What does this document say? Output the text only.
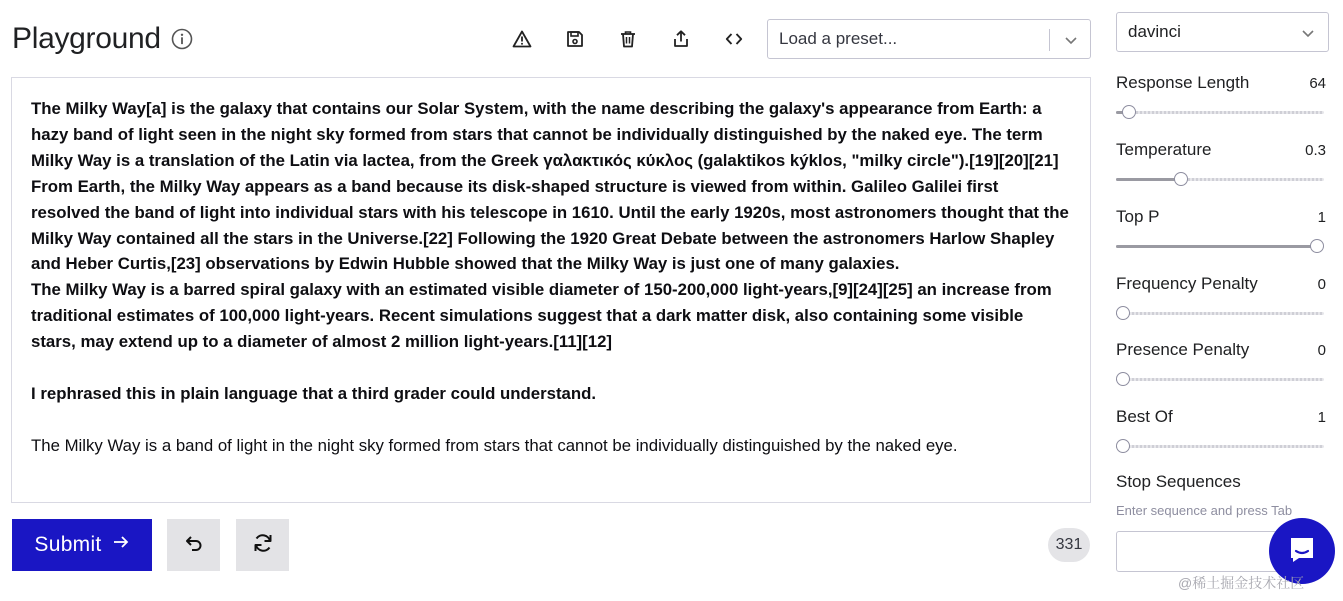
Playground	Load a preset...

The Milky Way[a] is the galaxy that contains our Solar System, with the name describing the galaxy's appearance from Earth: a hazy band of light seen in the night sky formed from stars that cannot be individually distinguished by the naked eye. The term Milky Way is a translation of the Latin via lactea, from the Greek γαλακτικός κύκλος (galaktikos kýklos, "milky circle").[19][20][21] From Earth, the Milky Way appears as a band because its disk-shaped structure is viewed from within. Galileo Galilei first resolved the band of light into individual stars with his telescope in 1610. Until the early 1920s, most astronomers thought that the Milky Way contained all the stars in the Universe.[22] Following the 1920 Great Debate between the astronomers Harlow Shapley and Heber Curtis,[23] observations by Edwin Hubble showed that the Milky Way is just one of many galaxies.

The Milky Way is a barred spiral galaxy with an estimated visible diameter of 150-200,000 light-years,[9][24][25] an increase from traditional estimates of 100,000 light-years. Recent simulations suggest that a dark matter disk, also containing some visible stars, may extend up to a diameter of almost 2 million light-years.[11][12]

I rephrased this in plain language that a third grader could understand.

The Milky Way is a band of light in the night sky formed from stars that cannot be individually distinguished by the naked eye.

Submit	331
davinci
Response Length	64
Temperature	0.3
Top P	1
Frequency Penalty	0
Presence Penalty	0
Best Of	1
Stop Sequences
Enter sequence and press Tab
@稀土掘金技术社区
